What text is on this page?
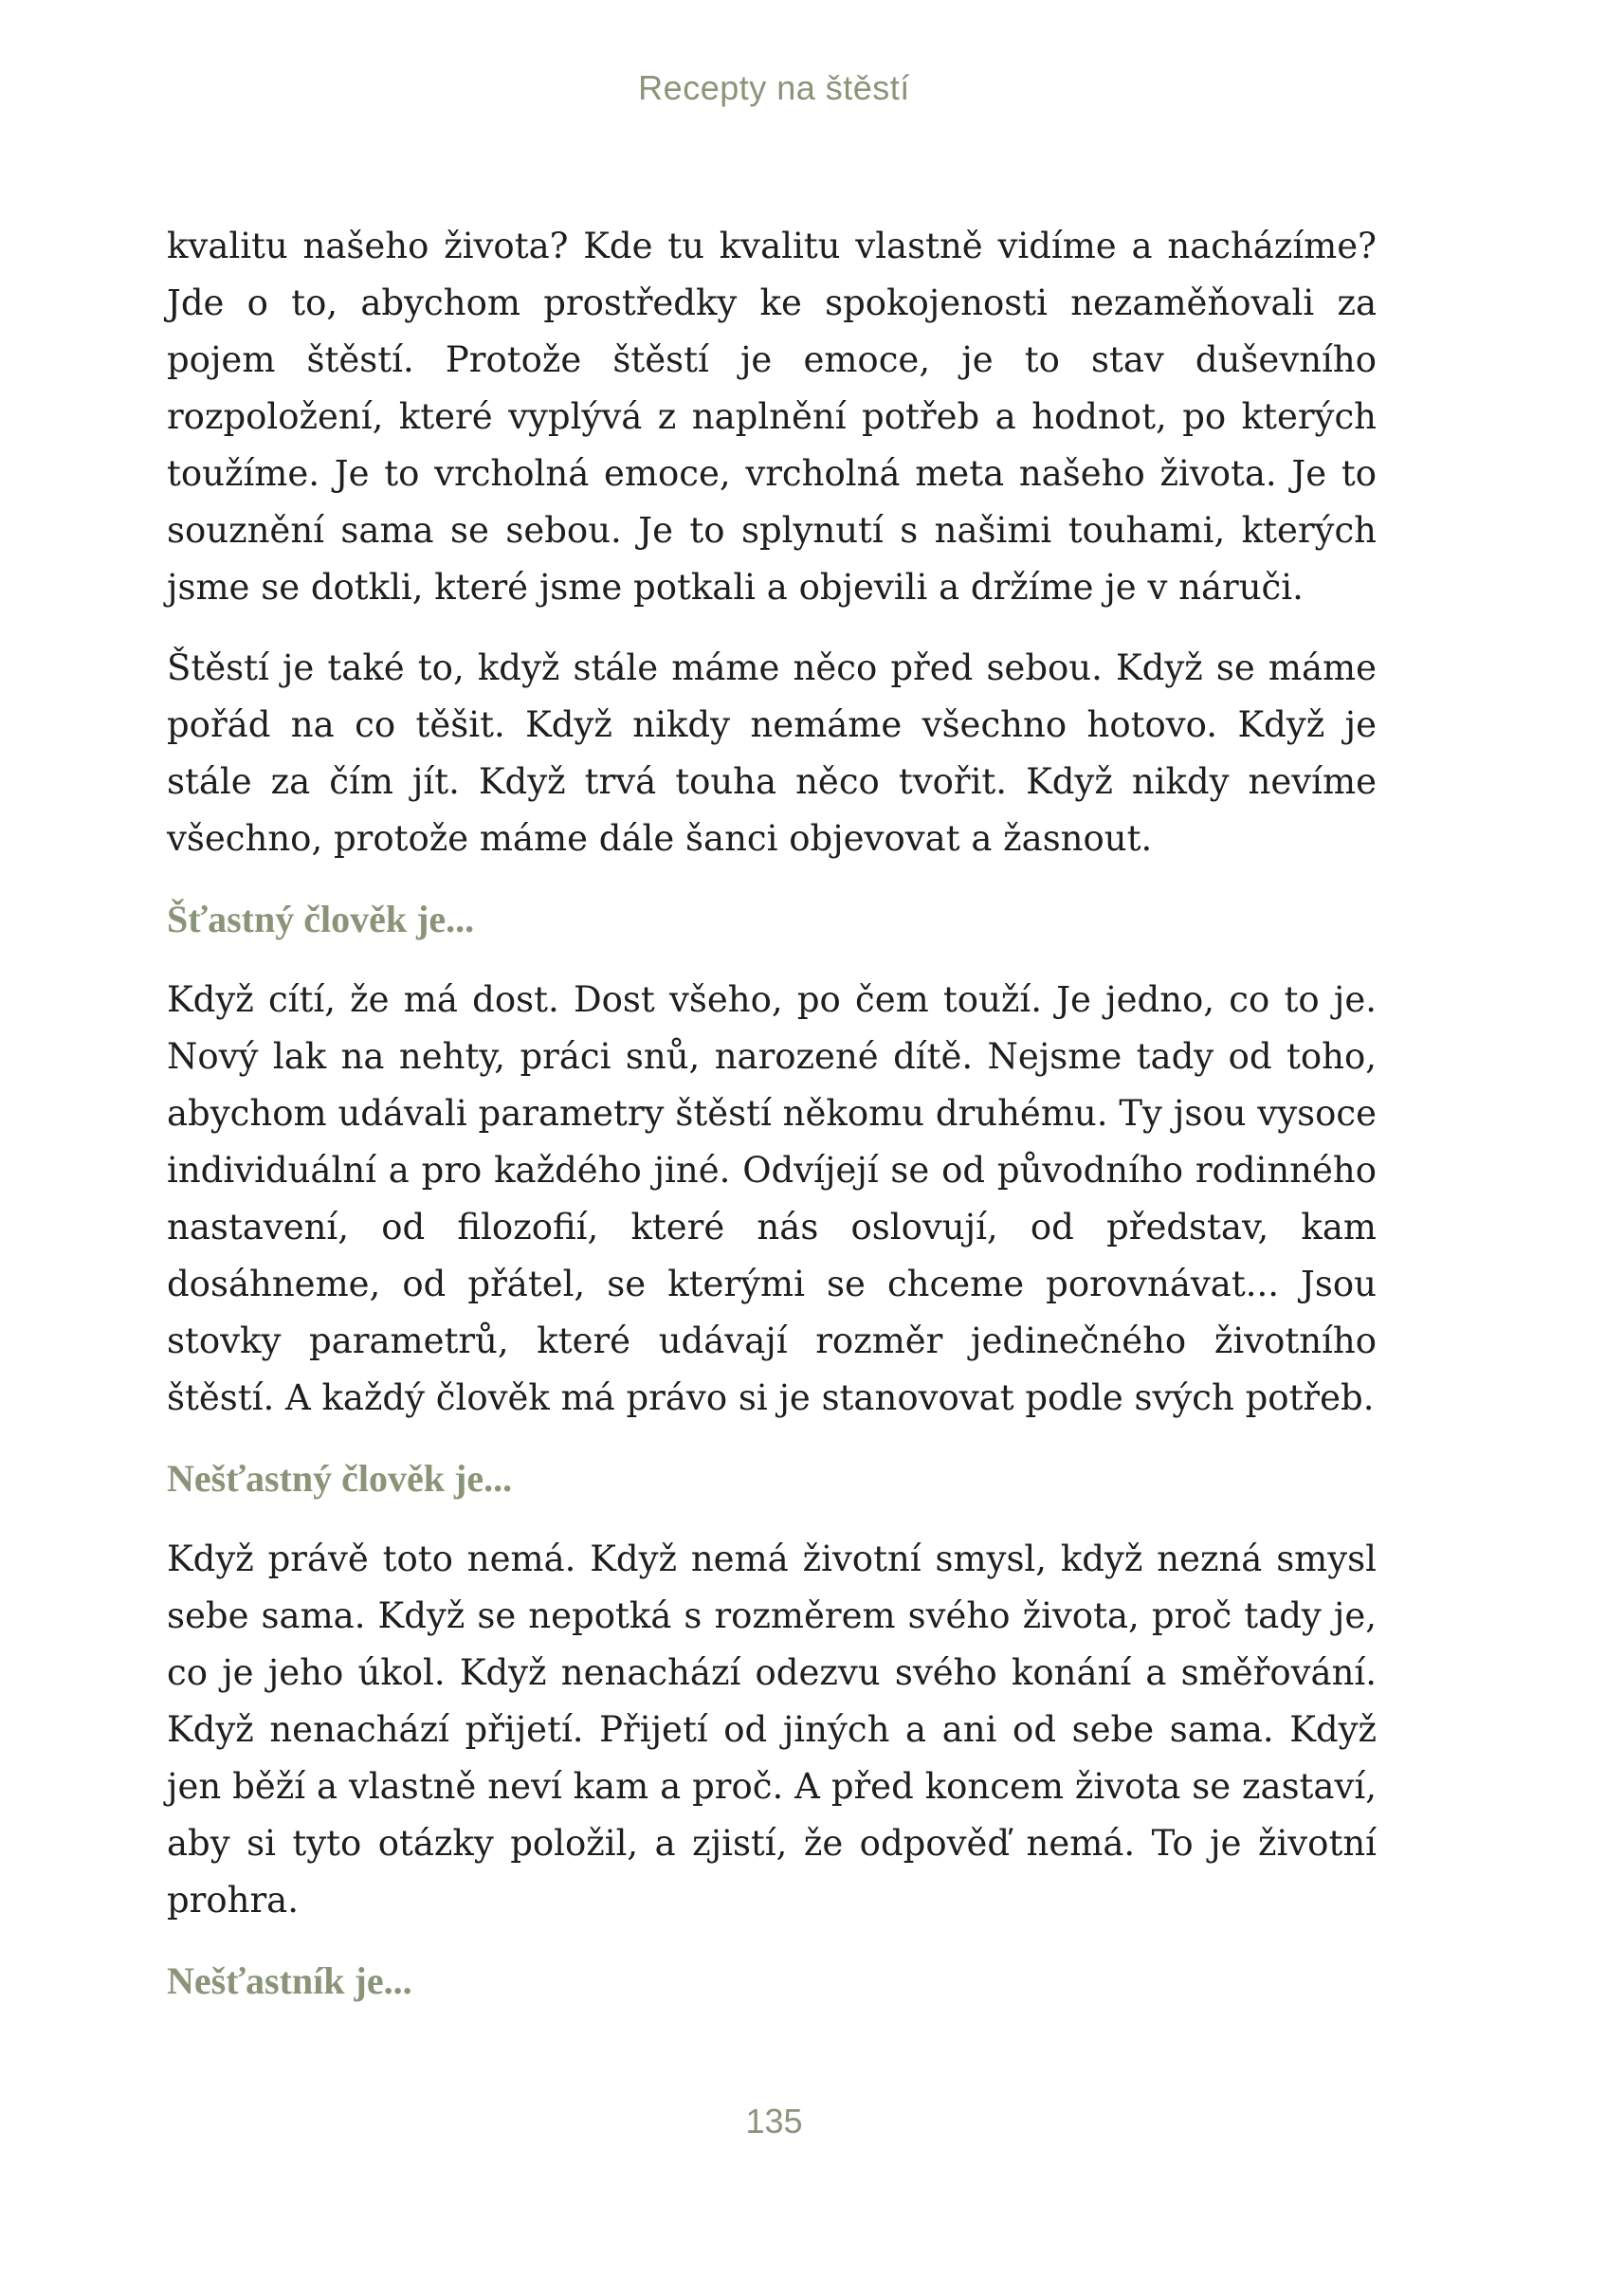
Recepty na štěstí

kvalitu našeho života? Kde tu kvalitu vlastně vidíme a nacházíme? Jde o to, abychom prostředky ke spokojenosti nezaměňovali za pojem štěstí. Protože štěstí je emoce, je to stav duševního rozpoložení, které vyplývá z naplnění potřeb a hodnot, po kterých toužíme. Je to vrcholná emoce, vrcholná meta našeho života. Je to souznění sama se sebou. Je to splynutí s našimi touhami, kterých jsme se dotkli, které jsme potkali a objevili a držíme je v náruči.

Štěstí je také to, když stále máme něco před sebou. Když se máme pořád na co těšit. Když nikdy nemáme všechno hotovo. Když je stále za čím jít. Když trvá touha něco tvořit. Když nikdy nevíme všechno, protože máme dále šanci objevovat a žasnout.

Šťastný člověk je...

Když cítí, že má dost. Dost všeho, po čem touží. Je jedno, co to je. Nový lak na nehty, práci snů, narozené dítě. Nejsme tady od toho, abychom udávali parametry štěstí někomu druhému. Ty jsou vysoce individuální a pro každého jiné. Odvíjejí se od původního rodinného nastavení, od filozofií, které nás oslovují, od představ, kam dosáhneme, od přátel, se kterými se chceme porovnávat... Jsou stovky parametrů, které udávají rozměr jedinečného životního štěstí. A každý člověk má právo si je stanovovat podle svých potřeb.

Nešťastný člověk je...

Když právě toto nemá. Když nemá životní smysl, když nezná smysl sebe sama. Když se nepotká s rozměrem svého života, proč tady je, co je jeho úkol. Když nenachází odezvu svého konání a směřování. Když nenachází přijetí. Přijetí od jiných a ani od sebe sama. Když jen běží a vlastně neví kam a proč. A před koncem života se zastaví, aby si tyto otázky položil, a zjistí, že odpověď nemá. To je životní prohra.

Nešťastník je...
135
